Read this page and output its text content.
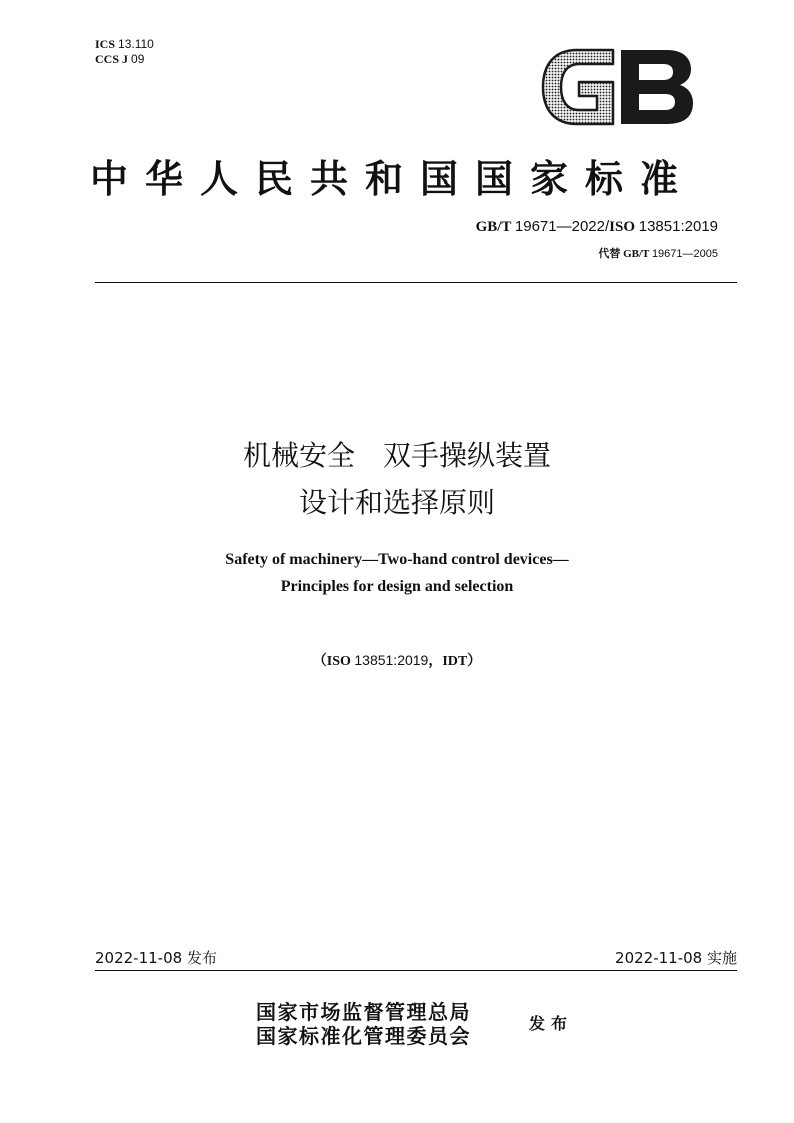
ICS 13.110
CCS J 09
中华人民共和国国家标准
GB/T 19671—2022/ISO 13851:2019
代替 GB/T 19671—2005
机械安全　双手操纵装置
设计和选择原则
Safety of machinery—Two-hand control devices—
Principles for design and selection
（ISO 13851:2019，IDT）
2022-11-08 发布	2022-11-08 实施
国家市场监督管理总局
国家标准化管理委员会
发布
